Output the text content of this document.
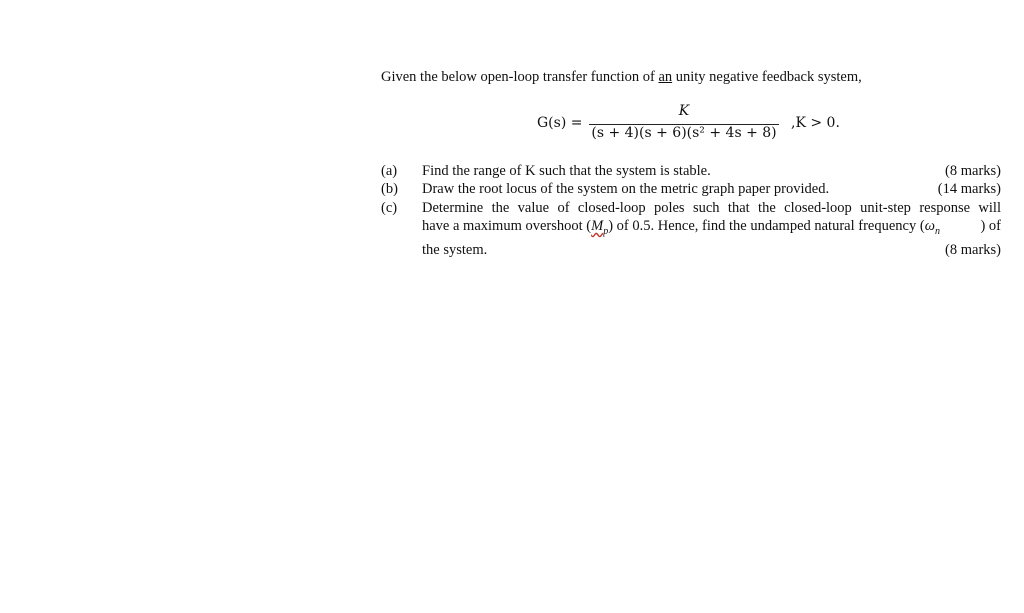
Given the below open-loop transfer function of an unity negative feedback system,
G(s) =
K
(s + 4)(s + 6)(s² + 4s + 8)
,K > 0.
(a)	Find the range of K such that the system is stable.	(8 marks)
(b)	Draw the root locus of the system on the metric graph paper provided.	(14 marks)
(c)	Determine the value of closed-loop poles such that the closed-loop unit-step response will
have a maximum overshoot $(M_p)$ of 0.5. Hence, find the undamped natural frequency ($\omega_n$	) of
the system.	(8 marks)
